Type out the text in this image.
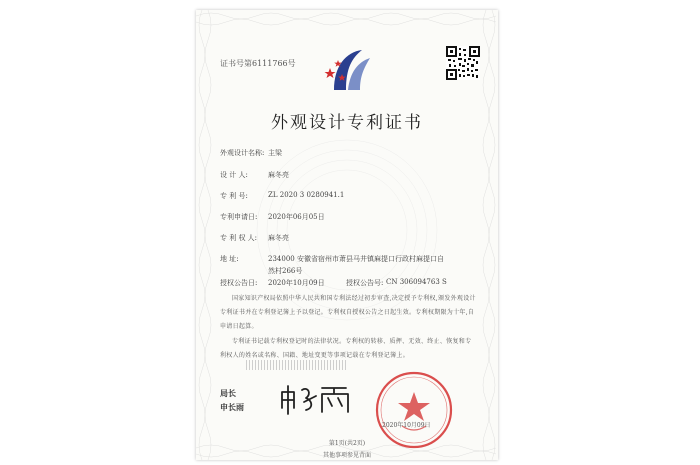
证书号第6111766号
外观设计专利证书
外观设计名称: 主梁
设 计 人:	麻冬亮
专 利 号:	ZL 2020 3 0280941.1
专利申请日: 2020年06月05日
专 利 权 人: 麻冬亮
地 址:	234000 安徽省宿州市萧县马井镇麻提口行政村麻提口自
然村266号
授权公告日: 2020年10月09日	授权公告号: CN 306094763 S
国家知识产权局依照中华人民共和国专利法经过初步审查,决定授予专利权,颁发外观设计专利证书并在专利登记簿上予以登记。专利权自授权公告之日起生效。专利权期限为十年,自申请日起算。
专利证书记载专利权登记时的法律状况。专利权的转移、质押、无效、终止、恢复和专利权人的姓名或名称、国籍、地址变更等事项记载在专利登记簿上。
局长
申长雨
2020年10月09日
第1页(共2页)
其他事项参见背面
